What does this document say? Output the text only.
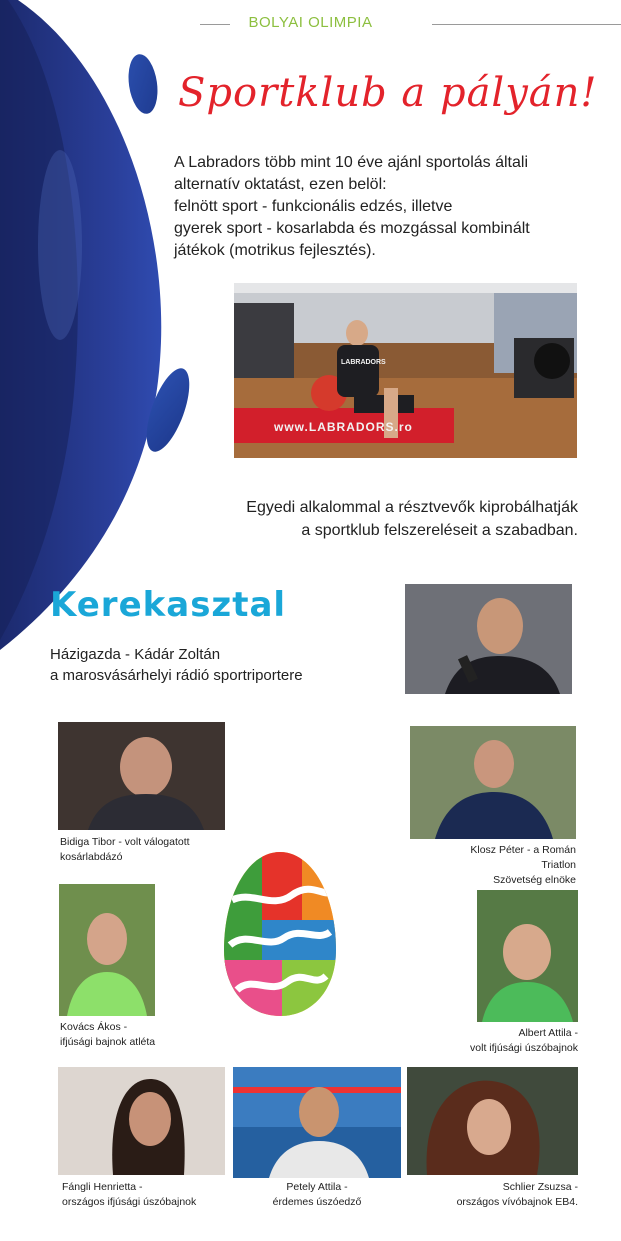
BOLYAI OLIMPIA
Sportklub a pályán!
A Labradors több mint 10 éve ajánl sportolás általi
alternatív oktatást, ezen belöl:
felnött sport - funkcionális edzés, illetve
gyerek sport - kosarlabda és mozgással kombinált
játékok (motrikus fejlesztés).
www.LABRADORS.ro
LABRADORS
Egyedi alkalommal a résztvevők kiprobálhatják
a sportklub felszereléseit a szabadban.
Kerekasztal
Házigazda - Kádár Zoltán
a marosvásárhelyi rádió sportriportere
Bidiga Tibor - volt válogatott
kosárlabdázó
Klosz Péter - a Román
Triatlon
Szövetség elnöke
Kovács Ákos -
ifjúsági bajnok atléta
Albert Attila -
volt ifjúsági úszóbajnok
Fángli Henrietta -
országos ifjúsági úszóbajnok
Petely Attila -
érdemes úszóedző
Schlier Zsuzsa -
országos vívóbajnok EB4.
